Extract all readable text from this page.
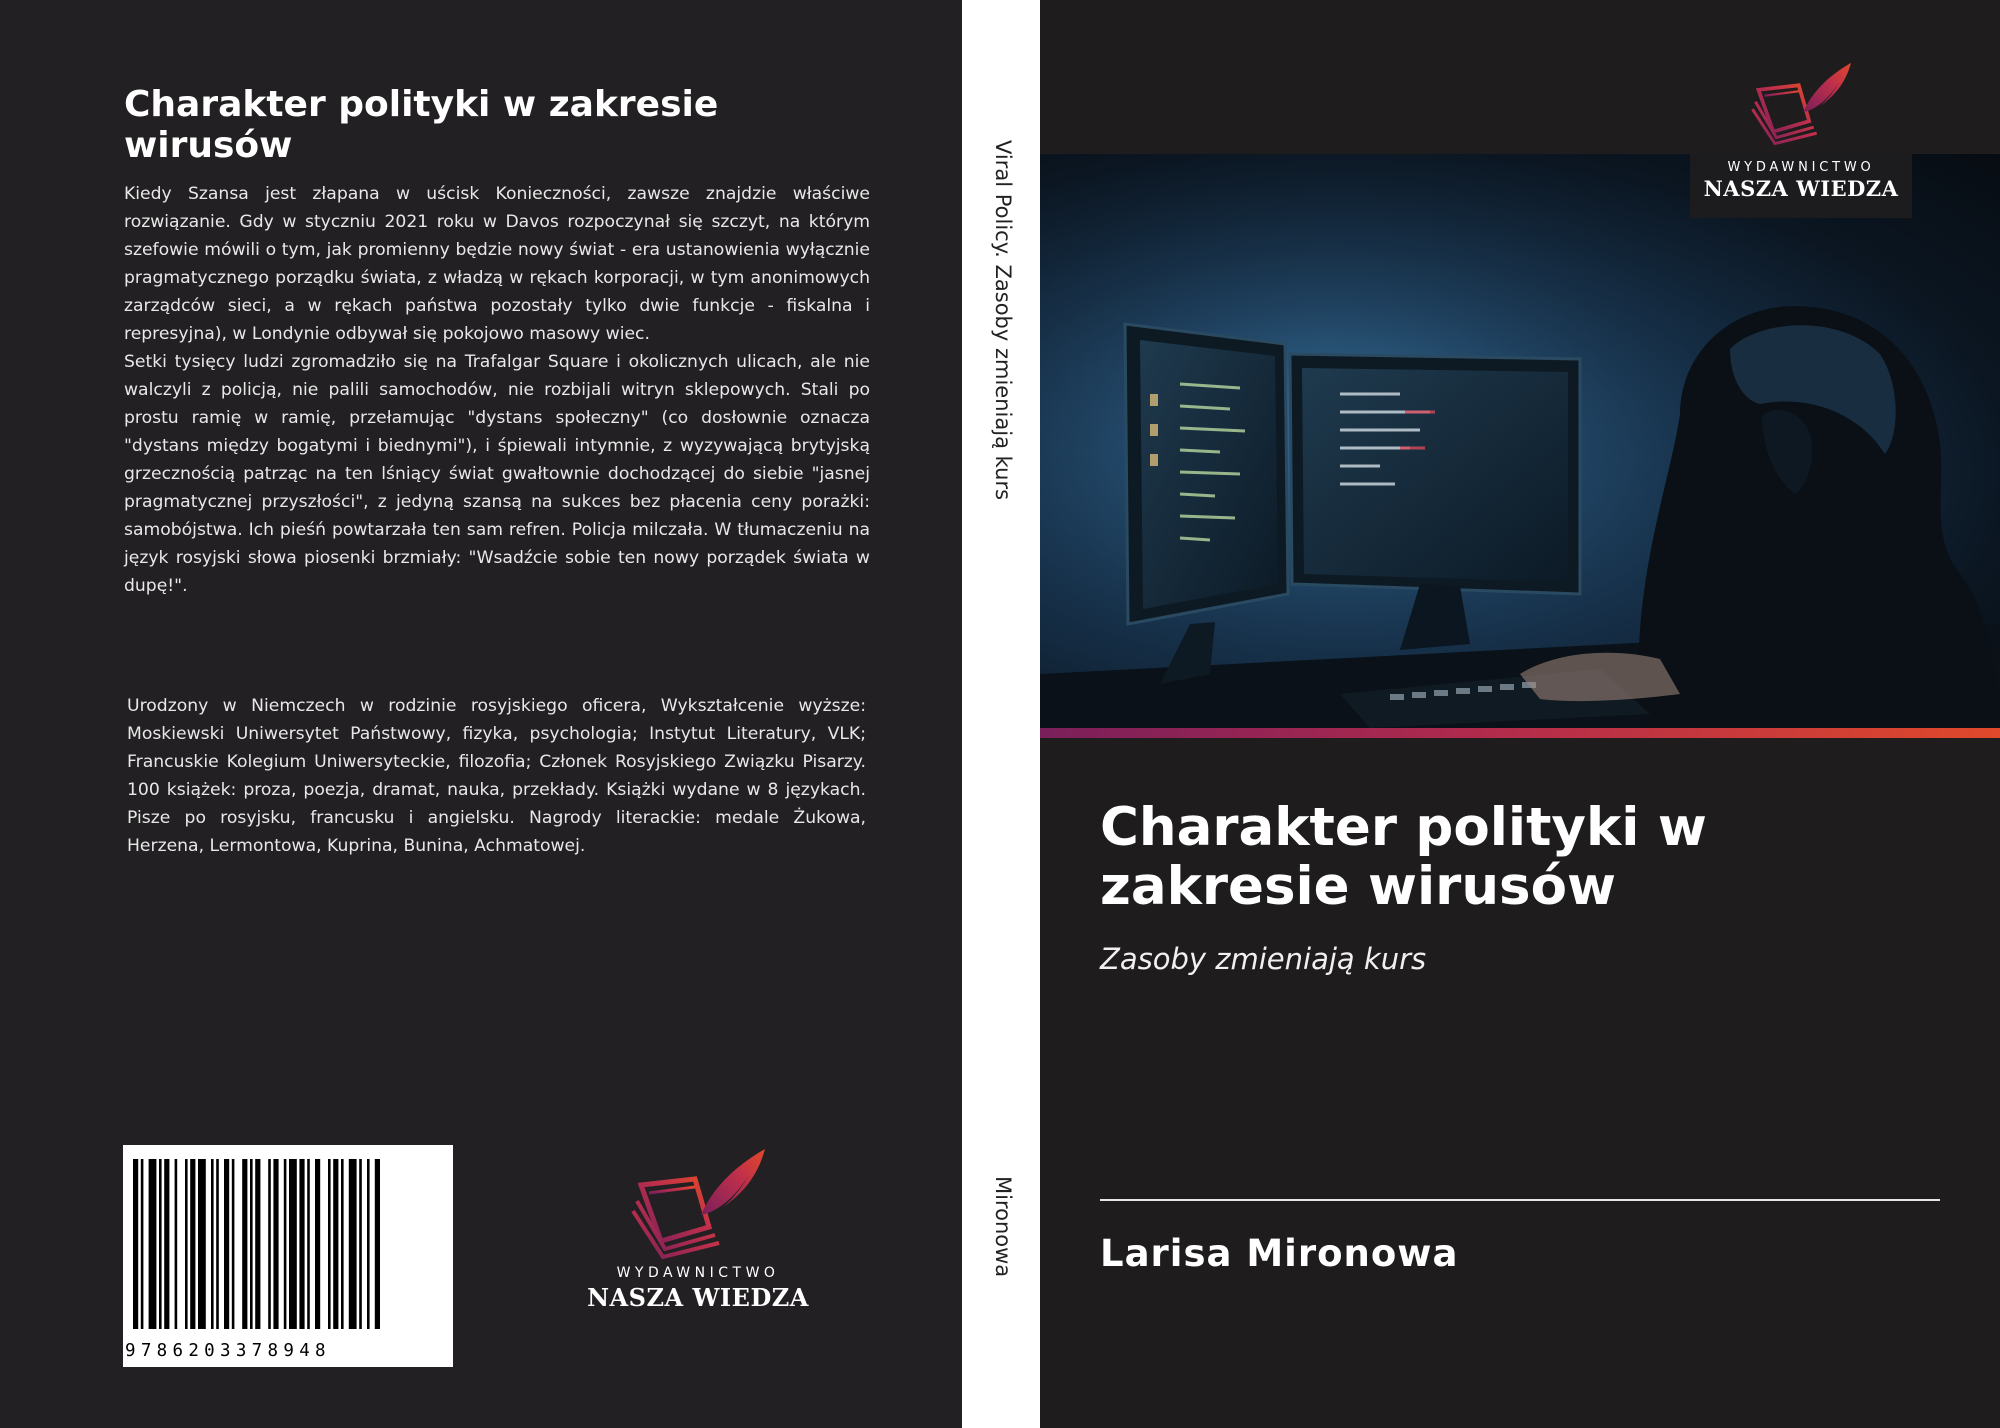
Charakter polityki w zakresie wirusów

Kiedy Szansa jest złapana w uścisk Konieczności, zawsze znajdzie właściwe rozwiązanie. Gdy w styczniu 2021 roku w Davos rozpoczynał się szczyt, na którym szefowie mówili o tym, jak promienny będzie nowy świat - era ustanowienia wyłącznie pragmatycznego porządku świata, z władzą w rękach korporacji, w tym anonimowych zarządców sieci, a w rękach państwa pozostały tylko dwie funkcje - fiskalna i represyjna), w Londynie odbywał się pokojowo masowy wiec.

Setki tysięcy ludzi zgromadziło się na Trafalgar Square i okolicznych ulicach, ale nie walczyli z policją, nie palili samochodów, nie rozbijali witryn sklepowych. Stali po prostu ramię w ramię, przełamując "dystans społeczny" (co dosłownie oznacza "dystans między bogatymi i biednymi"), i śpiewali intymnie, z wyzywającą brytyjską grzecznością patrząc na ten lśniący świat gwałtownie dochodzącej do siebie "jasnej pragmatycznej przyszłości", z jedyną szansą na sukces bez płacenia ceny porażki: samobójstwa. Ich pieśń powtarzała ten sam refren. Policja milczała. W tłumaczeniu na język rosyjski słowa piosenki brzmiały: "Wsadźcie sobie ten nowy porządek świata w dupę!".

Urodzony w Niemczech w rodzinie rosyjskiego oficera, Wykształcenie wyższe: Moskiewski Uniwersytet Państwowy, fizyka, psychologia; Instytut Literatury, VLK; Francuskie Kolegium Uniwersyteckie, filozofia; Członek Rosyjskiego Związku Pisarzy. 100 książek: proza, poezja, dramat, nauka, przekłady. Książki wydane w 8 językach. Pisze po rosyjsku, francusku i angielsku. Nagrody literackie: medale Żukowa, Herzena, Lermontowa, Kuprina, Bunina, Achmatowej.
9786203378948
WYDAWNICTWO
NASZA WIEDZA
Viral Policy. Zasoby zmieniają kurs
Mironowa
WYDAWNICTWO
NASZA WIEDZA
Charakter polityki w zakresie wirusów
Zasoby zmieniają kurs
Larisa Mironowa
